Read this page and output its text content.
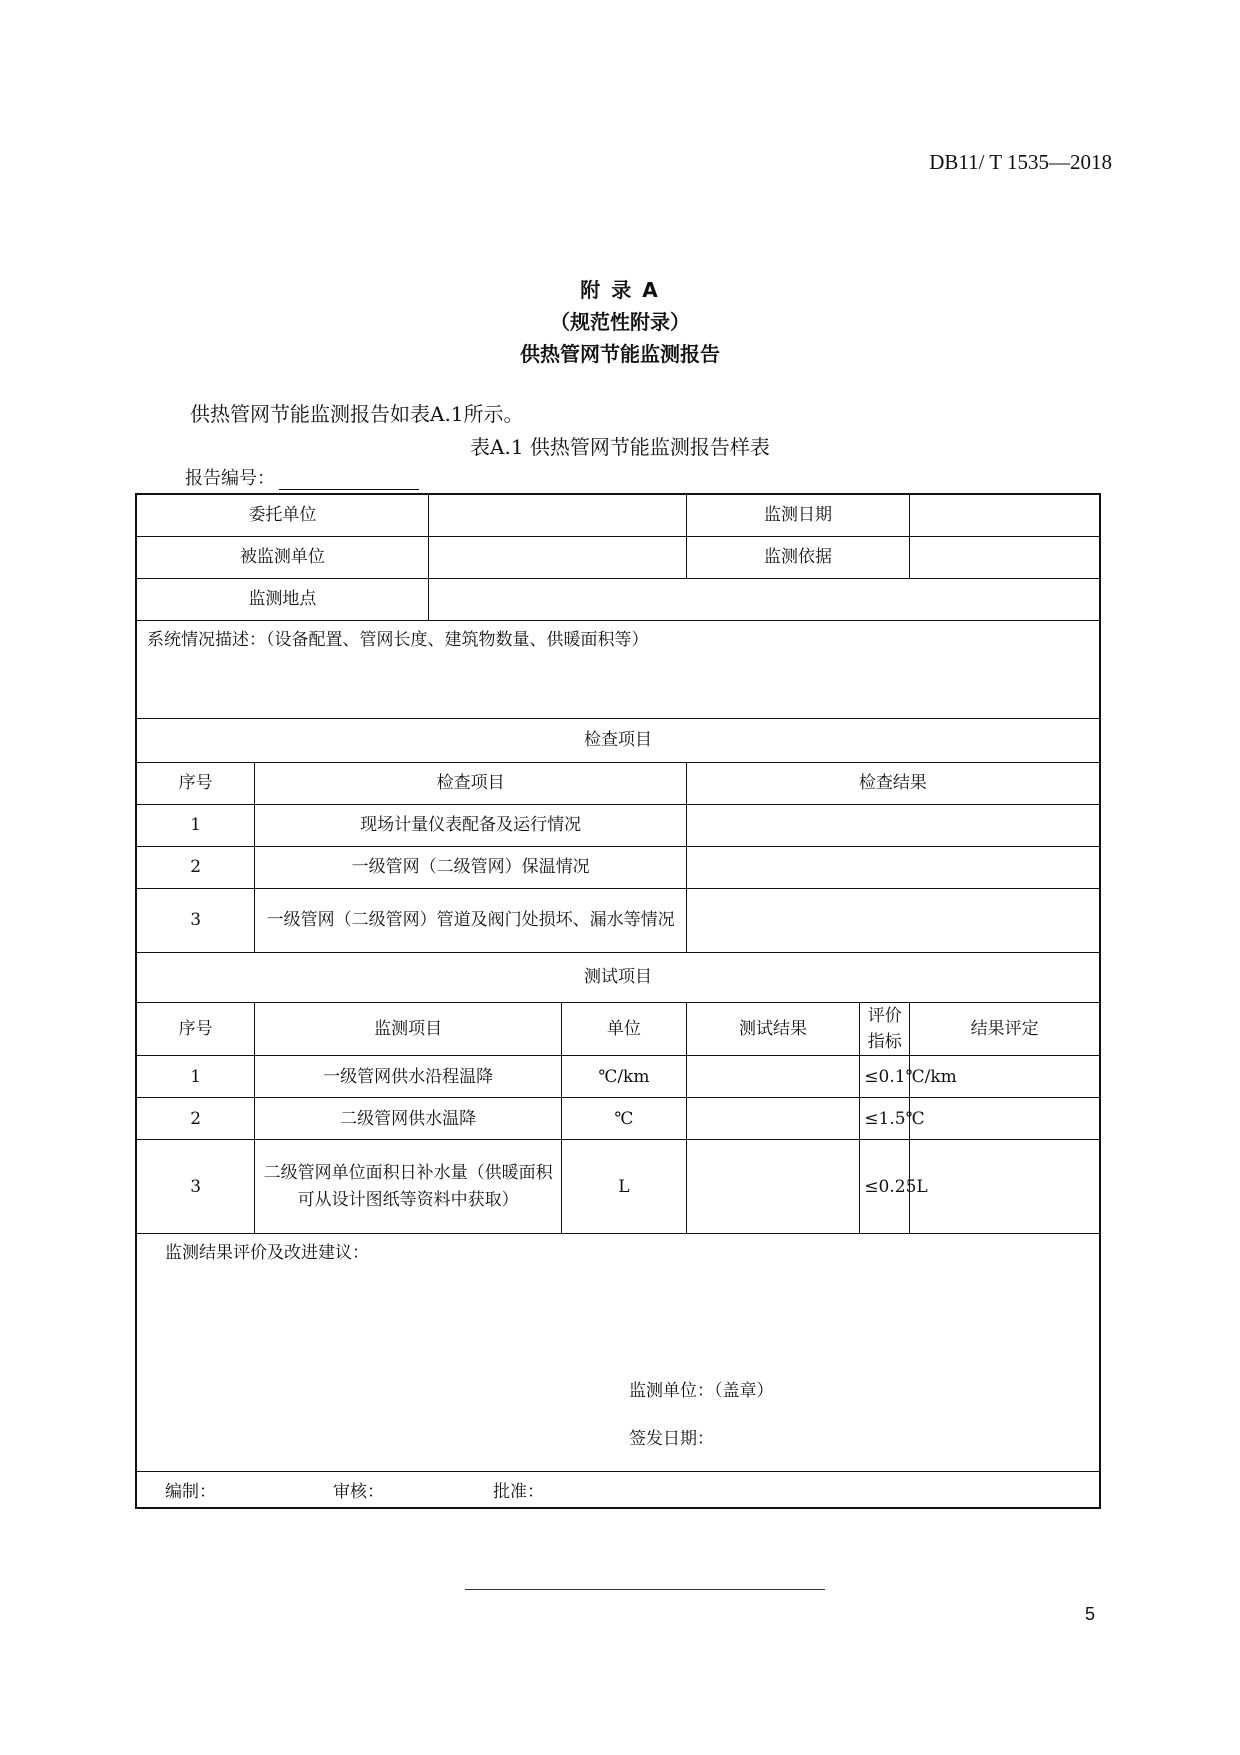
DB11/ T 1535—2018
附 录 A
（规范性附录）
供热管网节能监测报告
供热管网节能监测报告如表A.1所示。
表A.1 供热管网节能监测报告样表
报告编号：
委托单位				监测日期		
被监测单位				监测依据		
监测地点						
系统情况描述：（设备配置、管网长度、建筑物数量、供暖面积等）						
检查项目						
序号	检查项目			检查结果		
1	现场计量仪表配备及运行情况					
2	一级管网（二级管网）保温情况					
3	一级管网（二级管网）管道及阀门处损坏、漏水等情况					
测试项目						
序号	监测项目		单位	测试结果	评价指标	结果评定
1	一级管网供水沿程温降		℃/km		≤0.1℃/km	
2	二级管网供水温降		℃		≤1.5℃	
3	二级管网单位面积日补水量（供暖面积可从设计图纸等资料中获取）		L		≤0.25L	

监测结果评价及改进建议：
监测单位：（盖章）
签发日期：						

编制： 审核： 批准：						
5
